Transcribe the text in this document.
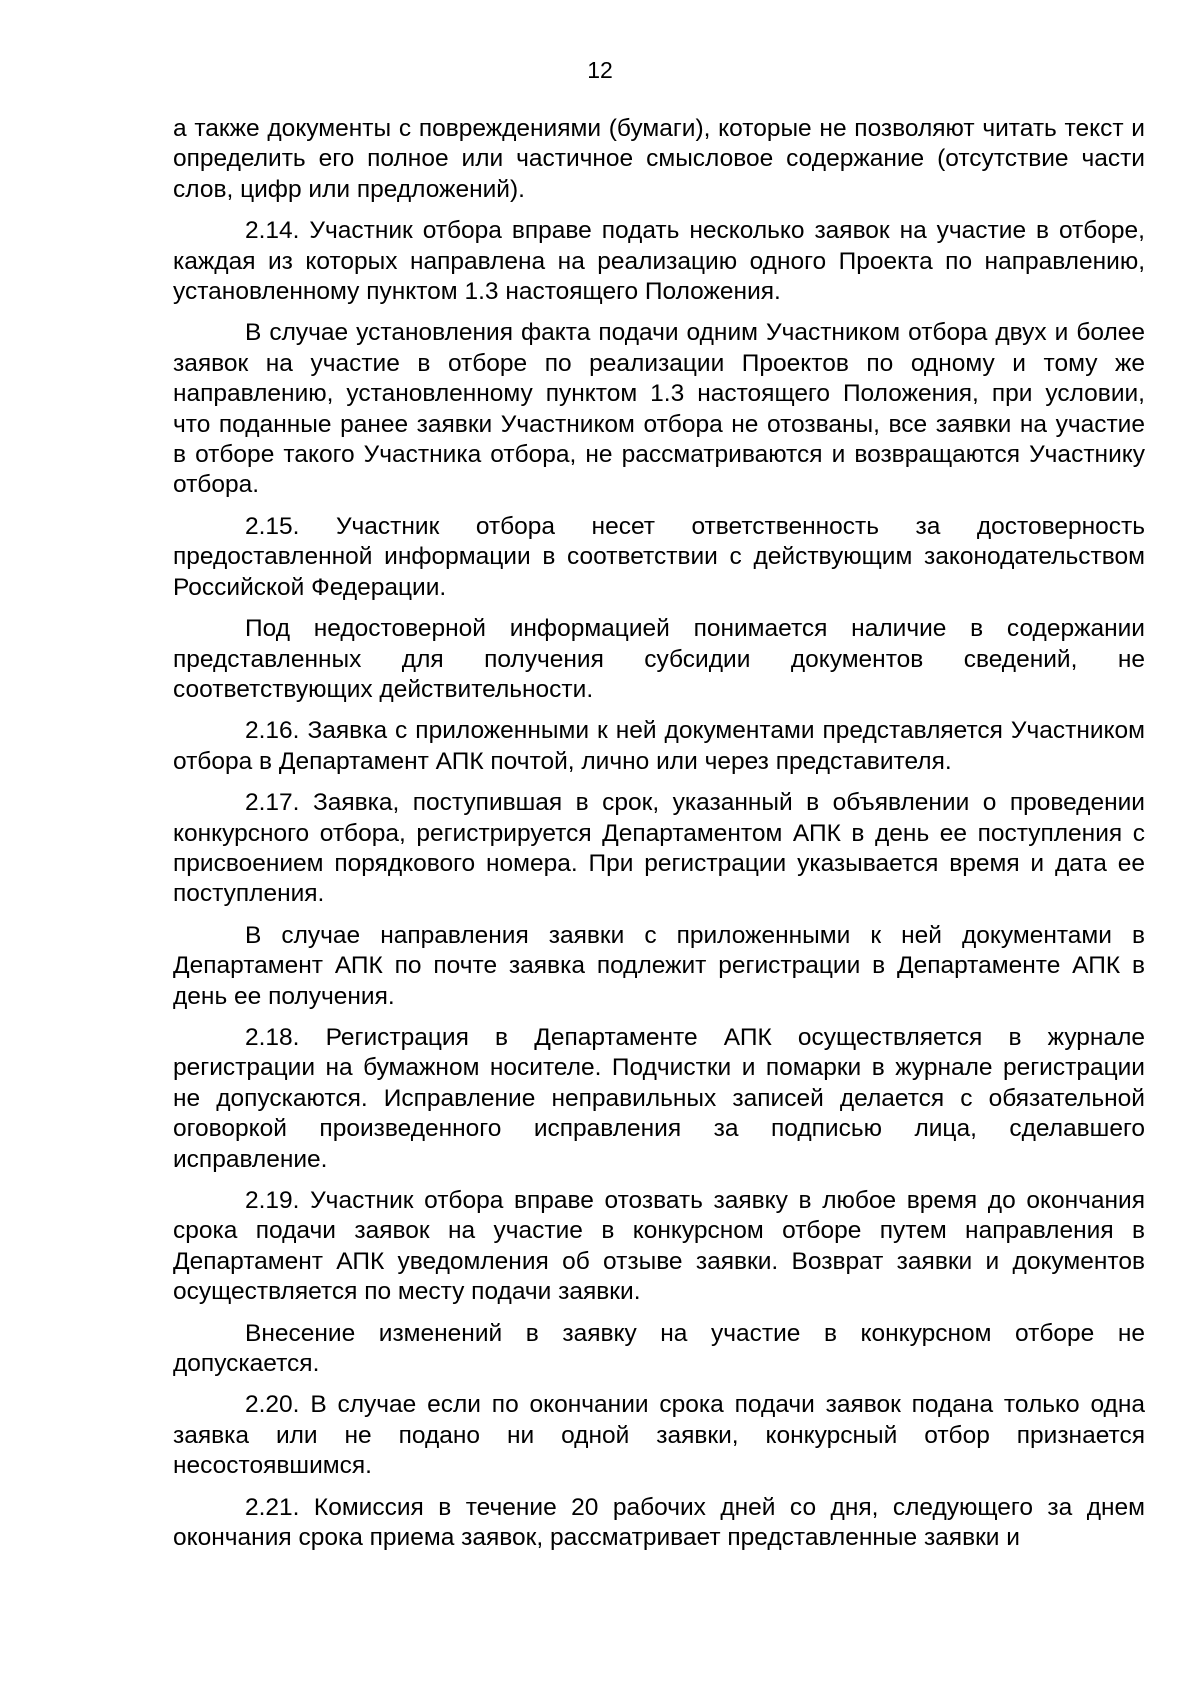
12

а также документы с повреждениями (бумаги), которые не позволяют читать текст и определить его полное или частичное смысловое содержание (отсутствие части слов, цифр или предложений).

2.14. Участник отбора вправе подать несколько заявок на участие в отборе, каждая из которых направлена на реализацию одного Проекта по направлению, установленному пунктом 1.3 настоящего Положения.

В случае установления факта подачи одним Участником отбора двух и более заявок на участие в отборе по реализации Проектов по одному и тому же направлению, установленному пунктом 1.3 настоящего Положения, при условии, что поданные ранее заявки Участником отбора не отозваны, все заявки на участие в отборе такого Участника отбора, не рассматриваются и возвращаются Участнику отбора.

2.15. Участник отбора несет ответственность за достоверность предоставленной информации в соответствии с действующим законодательством Российской Федерации.

Под недостоверной информацией понимается наличие в содержании представленных для получения субсидии документов сведений, не соответствующих действительности.

2.16. Заявка с приложенными к ней документами представляется Участником отбора в Департамент АПК почтой, лично или через представителя.

2.17. Заявка, поступившая в срок, указанный в объявлении о проведении конкурсного отбора, регистрируется Департаментом АПК в день ее поступления с присвоением порядкового номера. При регистрации указывается время и дата ее поступления.

В случае направления заявки с приложенными к ней документами в Департамент АПК по почте заявка подлежит регистрации в Департаменте АПК в день ее получения.

2.18. Регистрация в Департаменте АПК осуществляется в журнале регистрации на бумажном носителе. Подчистки и помарки в журнале регистрации не допускаются. Исправление неправильных записей делается с обязательной оговоркой произведенного исправления за подписью лица, сделавшего исправление.

2.19. Участник отбора вправе отозвать заявку в любое время до окончания срока подачи заявок на участие в конкурсном отборе путем направления в Департамент АПК уведомления об отзыве заявки. Возврат заявки и документов осуществляется по месту подачи заявки.

Внесение изменений в заявку на участие в конкурсном отборе не допускается.

2.20. В случае если по окончании срока подачи заявок подана только одна заявка или не подано ни одной заявки, конкурсный отбор признается несостоявшимся.

2.21. Комиссия в течение 20 рабочих дней со дня, следующего за днем окончания срока приема заявок, рассматривает представленные заявки и
